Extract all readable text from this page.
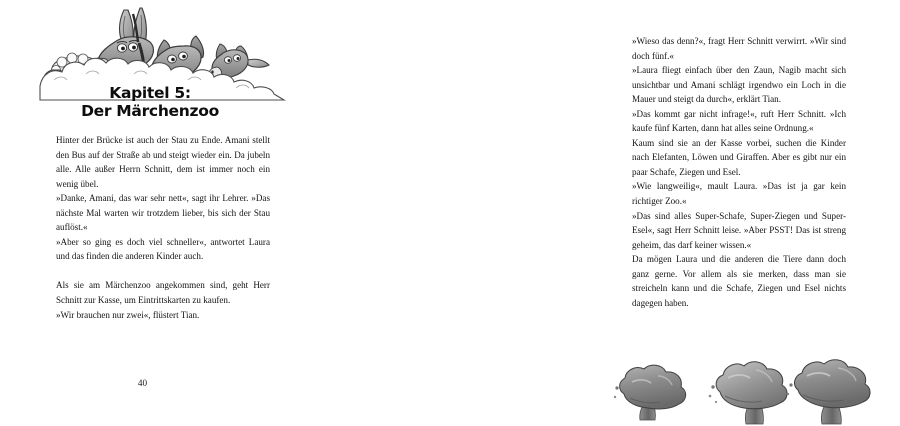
Kapitel 5:
Der Märchenzoo

Hinter der Brücke ist auch der Stau zu Ende. Amani stellt den Bus auf der Straße ab und steigt wieder ein. Da jubeln alle. Alle außer Herrn Schnitt, dem ist immer noch ein wenig übel.

»Danke, Amani, das war sehr nett«, sagt ihr Lehrer. »Das nächste Mal warten wir trotzdem lieber, bis sich der Stau auflöst.«

»Aber so ging es doch viel schneller«, antwortet Laura und das finden die anderen Kinder auch.

Als sie am Märchenzoo angekommen sind, geht Herr Schnitt zur Kasse, um Eintrittskarten zu kaufen.

»Wir brauchen nur zwei«, flüstert Tian.

40

»Wieso das denn?«, fragt Herr Schnitt verwirrt. »Wir sind doch fünf.«

»Laura fliegt einfach über den Zaun, Nagib macht sich unsichtbar und Amani schlägt irgendwo ein Loch in die Mauer und steigt da durch«, erklärt Tian.

»Das kommt gar nicht infrage!«, ruft Herr Schnitt. »Ich kaufe fünf Karten, dann hat alles seine Ordnung.«

Kaum sind sie an der Kasse vorbei, suchen die Kinder nach Elefanten, Löwen und Giraffen. Aber es gibt nur ein paar Schafe, Ziegen und Esel.

»Wie langweilig«, mault Laura. »Das ist ja gar kein richtiger Zoo.«

»Das sind alles Super-Schafe, Super-Ziegen und Super-Esel«, sagt Herr Schnitt leise. »Aber PSST! Das ist streng geheim, das darf keiner wissen.«

Da mögen Laura und die anderen die Tiere dann doch ganz gerne. Vor allem als sie merken, dass man sie streicheln kann und die Schafe, Ziegen und Esel nichts dagegen haben.
